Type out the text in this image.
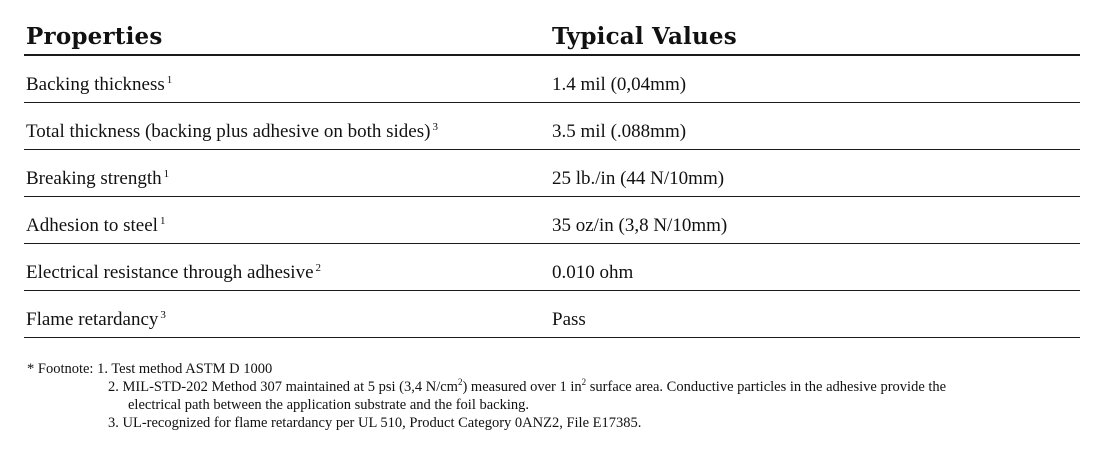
Properties	Typical Values
Backing thickness $^1$	1.4 mil (0,04mm)
Total thickness (backing plus adhesive on both sides) $^3$	3.5 mil (.088mm)
Breaking strength $^1$	25 lb./in (44 N/10mm)
Adhesion to steel $^1$	35 oz/in (3,8 N/10mm)
Electrical resistance through adhesive $^2$	0.010 ohm
Flame retardancy $^3$	Pass
* Footnote: 1. Test method ASTM D 1000
2. MIL-STD-202 Method 307 maintained at 5 psi (3,4 N/cm$^2$) measured over 1 in$^2$ surface area. Conductive particles in the adhesive provide the
electrical path between the application substrate and the foil backing.
3. UL-recognized for flame retardancy per UL 510, Product Category 0ANZ2, File E17385.
